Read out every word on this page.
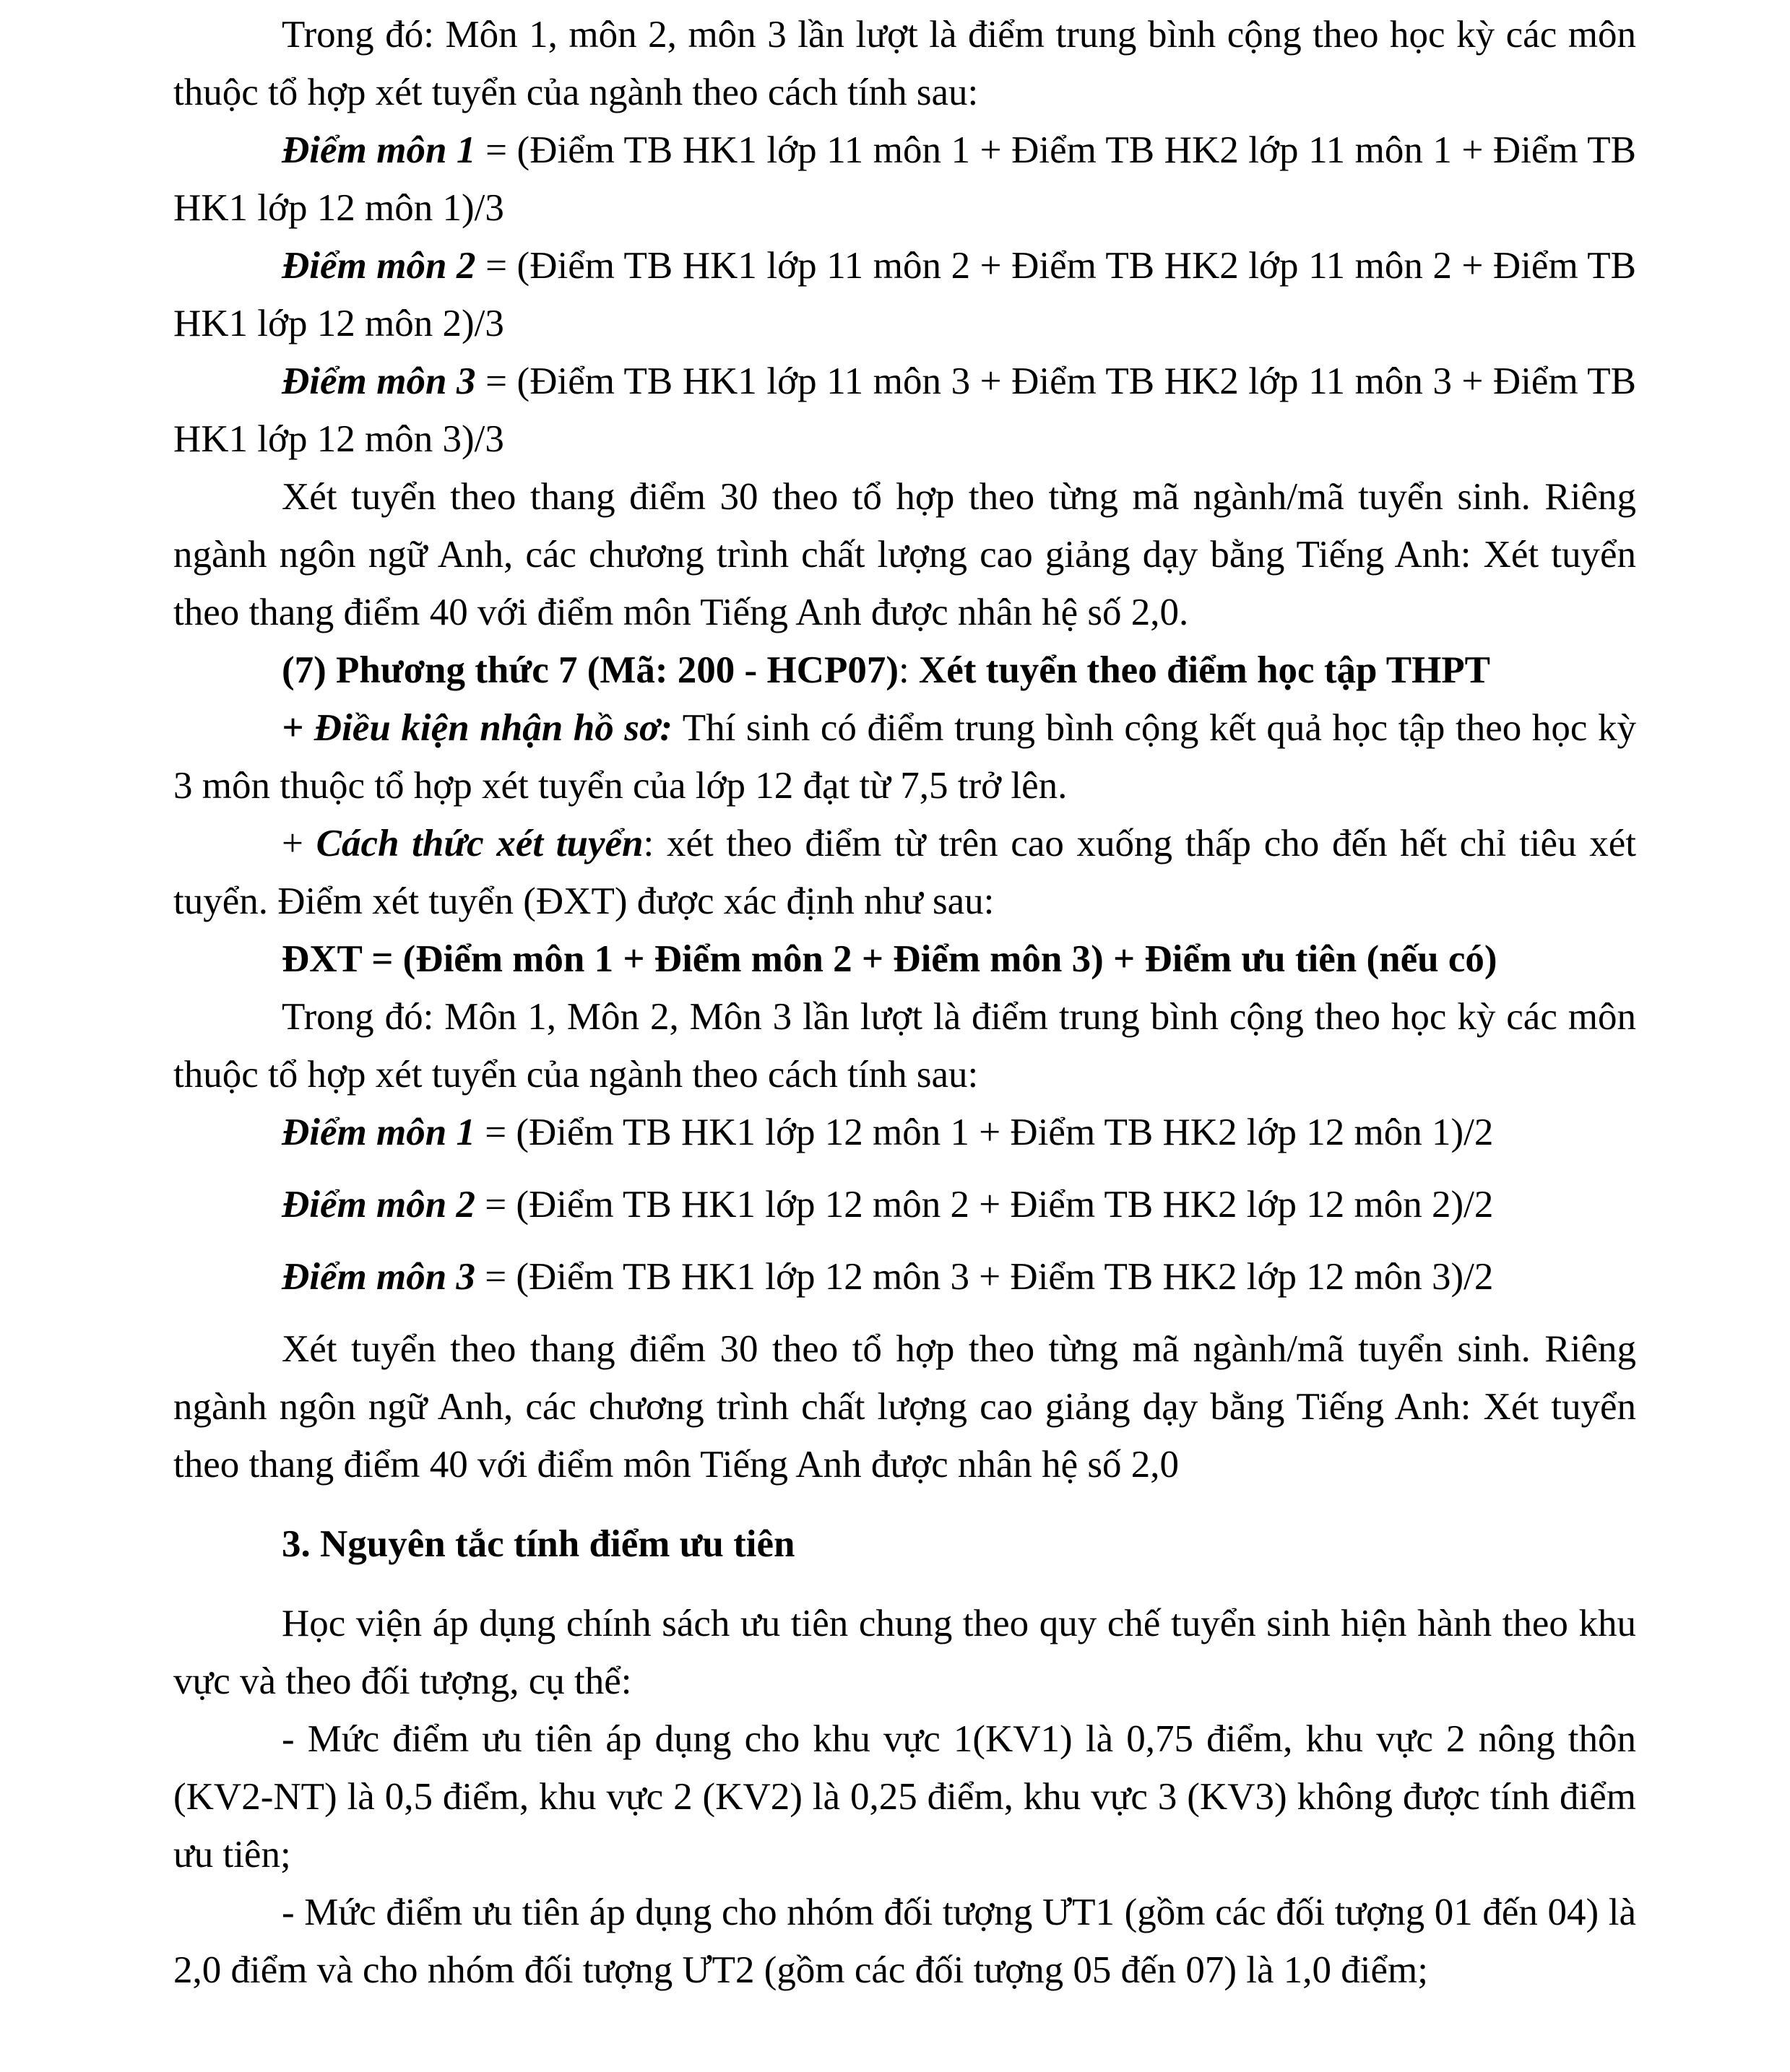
Trong đó: Môn 1, môn 2, môn 3 lần lượt là điểm trung bình cộng theo học kỳ các môn thuộc tổ hợp xét tuyển của ngành theo cách tính sau:

Điểm môn 1 = (Điểm TB HK1 lớp 11 môn 1 + Điểm TB HK2 lớp 11 môn 1 + Điểm TB HK1 lớp 12 môn 1)/3

Điểm môn 2 = (Điểm TB HK1 lớp 11 môn 2 + Điểm TB HK2 lớp 11 môn 2 + Điểm TB HK1 lớp 12 môn 2)/3

Điểm môn 3 = (Điểm TB HK1 lớp 11 môn 3 + Điểm TB HK2 lớp 11 môn 3 + Điểm TB HK1 lớp 12 môn 3)/3

Xét tuyển theo thang điểm 30 theo tổ hợp theo từng mã ngành/mã tuyển sinh. Riêng ngành ngôn ngữ Anh, các chương trình chất lượng cao giảng dạy bằng Tiếng Anh: Xét tuyển theo thang điểm 40 với điểm môn Tiếng Anh được nhân hệ số 2,0.

(7) Phương thức 7 (Mã: 200 - HCP07): Xét tuyển theo điểm học tập THPT

+ Điều kiện nhận hồ sơ: Thí sinh có điểm trung bình cộng kết quả học tập theo học kỳ 3 môn thuộc tổ hợp xét tuyển của lớp 12 đạt từ 7,5 trở lên.

+ Cách thức xét tuyển: xét theo điểm từ trên cao xuống thấp cho đến hết chỉ tiêu xét tuyển. Điểm xét tuyển (ĐXT) được xác định như sau:

ĐXT = (Điểm môn 1 + Điểm môn 2 + Điểm môn 3) + Điểm ưu tiên (nếu có)

Trong đó: Môn 1, Môn 2, Môn 3 lần lượt là điểm trung bình cộng theo học kỳ các môn thuộc tổ hợp xét tuyển của ngành theo cách tính sau:

Điểm môn 1 = (Điểm TB HK1 lớp 12 môn 1 + Điểm TB HK2 lớp 12 môn 1)/2

Điểm môn 2 = (Điểm TB HK1 lớp 12 môn 2 + Điểm TB HK2 lớp 12 môn 2)/2

Điểm môn 3 = (Điểm TB HK1 lớp 12 môn 3 + Điểm TB HK2 lớp 12 môn 3)/2

Xét tuyển theo thang điểm 30 theo tổ hợp theo từng mã ngành/mã tuyển sinh. Riêng ngành ngôn ngữ Anh, các chương trình chất lượng cao giảng dạy bằng Tiếng Anh: Xét tuyển theo thang điểm 40 với điểm môn Tiếng Anh được nhân hệ số 2,0

3. Nguyên tắc tính điểm ưu tiên

Học viện áp dụng chính sách ưu tiên chung theo quy chế tuyển sinh hiện hành theo khu vực và theo đối tượng, cụ thể:

- Mức điểm ưu tiên áp dụng cho khu vực 1(KV1) là 0,75 điểm, khu vực 2 nông thôn (KV2-NT) là 0,5 điểm, khu vực 2 (KV2) là 0,25 điểm, khu vực 3 (KV3) không được tính điểm ưu tiên;

- Mức điểm ưu tiên áp dụng cho nhóm đối tượng ƯT1 (gồm các đối tượng 01 đến 04) là 2,0 điểm và cho nhóm đối tượng ƯT2 (gồm các đối tượng 05 đến 07) là 1,0 điểm;
